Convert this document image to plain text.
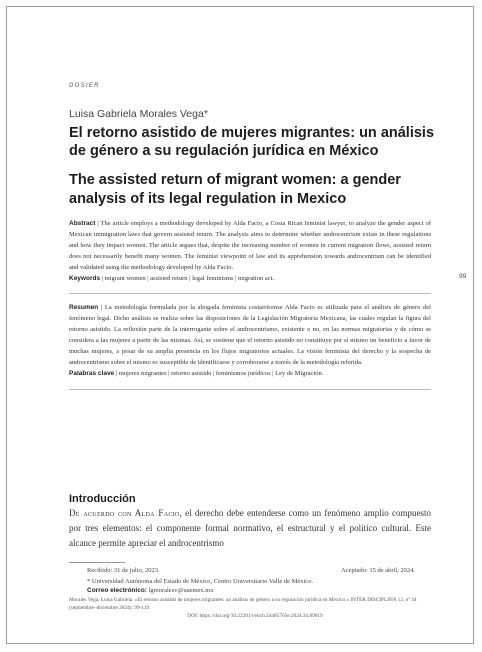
DOSIER
Luisa Gabriela Morales Vega*
El retorno asistido de mujeres migrantes: un análisis de género a su regulación jurídica en México
The assisted return of migrant women: a gender analysis of its legal regulation in Mexico
Abstract | The article employs a methodology developed by Alda Facio, a Costa Rican feminist lawyer, to analyze the gender aspect of Mexican immigration laws that govern assisted return. The analysis aims to determine whether androcentrism exists in these regulations and how they impact women. The article argues that, despite the increasing number of women in current migration flows, assisted return does not necessarily benefit many women. The feminist viewpoint of law and its apprehension towards androcentrism can be identified and validated using the methodology developed by Alda Facio.
Keywords | migrant women | assisted return | legal feminisms | migration act.
Resumen | La metodología formulada por la abogada feminista costarricense Alda Facio es utilizada para el análisis de género del fenómeno legal. Dicho análisis se realiza sobre las disposiciones de la Legislación Migratoria Mexicana, las cuales regulan la figura del retorno asistido. La reflexión parte de la interrogante sobre el androcentrismo, existente o no, en las normas migratorias y de cómo se considera a las mujeres a partir de las mismas. Así, se sostiene que el retorno asistido no constituye por sí mismo un beneficio a favor de muchas mujeres, a pesar de su amplia presencia en los flujos migratorios actuales. La visión feminista del derecho y la sospecha de androcentrismo sobre el mismo es susceptible de identificarse y corroborarse a través de la metodología referida.
Palabras clave | mujeres migrantes | retorno asistido | feminismos jurídicos | Ley de Migración.
99
Introducción
De acuerdo con Alda Facio, el derecho debe entenderse como un fenómeno amplio compuesto por tres elementos: el componente formal normativo, el estructural y el político cultural. Este alcance permite apreciar el androcentrismo
Recibido: 31 de julio, 2023.	Aceptado: 15 de abril, 2024.
* Universidad Autónoma del Estado de México, Centro Universitario Valle de México.
Correo electrónico: lgmoralesv@uaemex.mx
Morales Vega, Luisa Gabriela. «El retorno asistido de mujeres migrantes: un análisis de género a su regulación jurídica en México.» INTER DISCIPLINA 12, nº 34 (septiembre–diciembre 2024): 99-119.
DOI: https://doi.org/10.22201/ceiich.24485705e.2024.34.89019
